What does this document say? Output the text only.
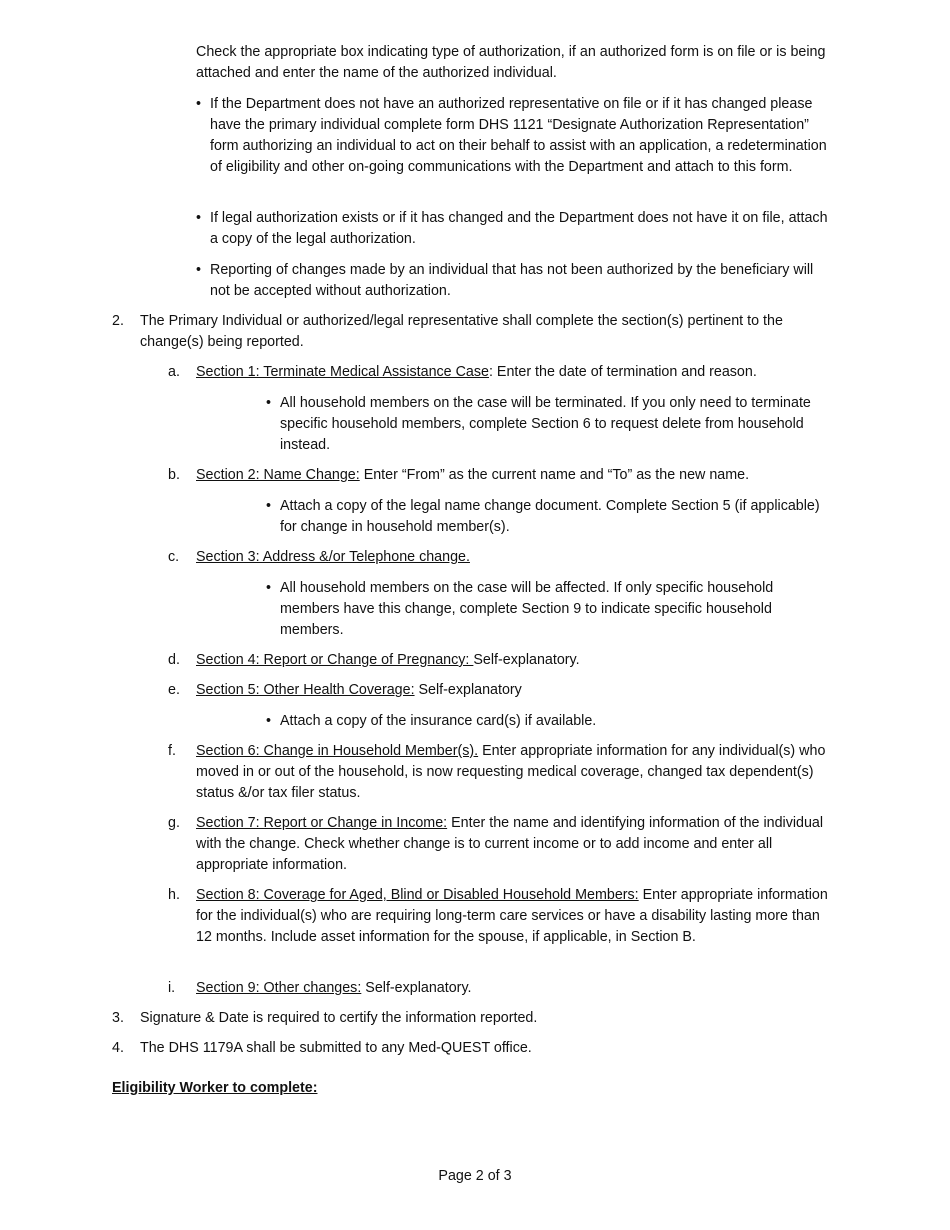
Check the appropriate box indicating type of authorization, if an authorized form is on file or is being attached and enter the name of the authorized individual.
• If the Department does not have an authorized representative on file or if it has changed please have the primary individual complete form DHS 1121 “Designate Authorization Representation” form authorizing an individual to act on their behalf to assist with an application, a redetermination of eligibility and other on-going communications with the Department and attach to this form.
• If legal authorization exists or if it has changed and the Department does not have it on file, attach a copy of the legal authorization.
• Reporting of changes made by an individual that has not been authorized by the beneficiary will not be accepted without authorization.
2.	The Primary Individual or authorized/legal representative shall complete the section(s) pertinent to the change(s) being reported.
a.	Section 1: Terminate Medical Assistance Case: Enter the date of termination and reason.
• All household members on the case will be terminated. If you only need to terminate specific household members, complete Section 6 to request delete from household instead.
b.	Section 2: Name Change: Enter “From” as the current name and “To” as the new name.
• Attach a copy of the legal name change document. Complete Section 5 (if applicable) for change in household member(s).
c.	Section 3: Address &/or Telephone change.
• All household members on the case will be affected. If only specific household members have this change, complete Section 9 to indicate specific household members.
d.	Section 4: Report or Change of Pregnancy: Self-explanatory.
e.	Section 5: Other Health Coverage: Self-explanatory
• Attach a copy of the insurance card(s) if available.
f.	Section 6: Change in Household Member(s). Enter appropriate information for any individual(s) who moved in or out of the household, is now requesting medical coverage, changed tax dependent(s) status &/or tax filer status.
g.	Section 7: Report or Change in Income: Enter the name and identifying information of the individual with the change. Check whether change is to current income or to add income and enter all appropriate information.
h.	Section 8: Coverage for Aged, Blind or Disabled Household Members: Enter appropriate information for the individual(s) who are requiring long-term care services or have a disability lasting more than 12 months. Include asset information for the spouse, if applicable, in Section B.
i.	Section 9: Other changes: Self-explanatory.
3.	Signature & Date is required to certify the information reported.
4.	The DHS 1179A shall be submitted to any Med-QUEST office.
Eligibility Worker to complete:
Page 2 of 3
